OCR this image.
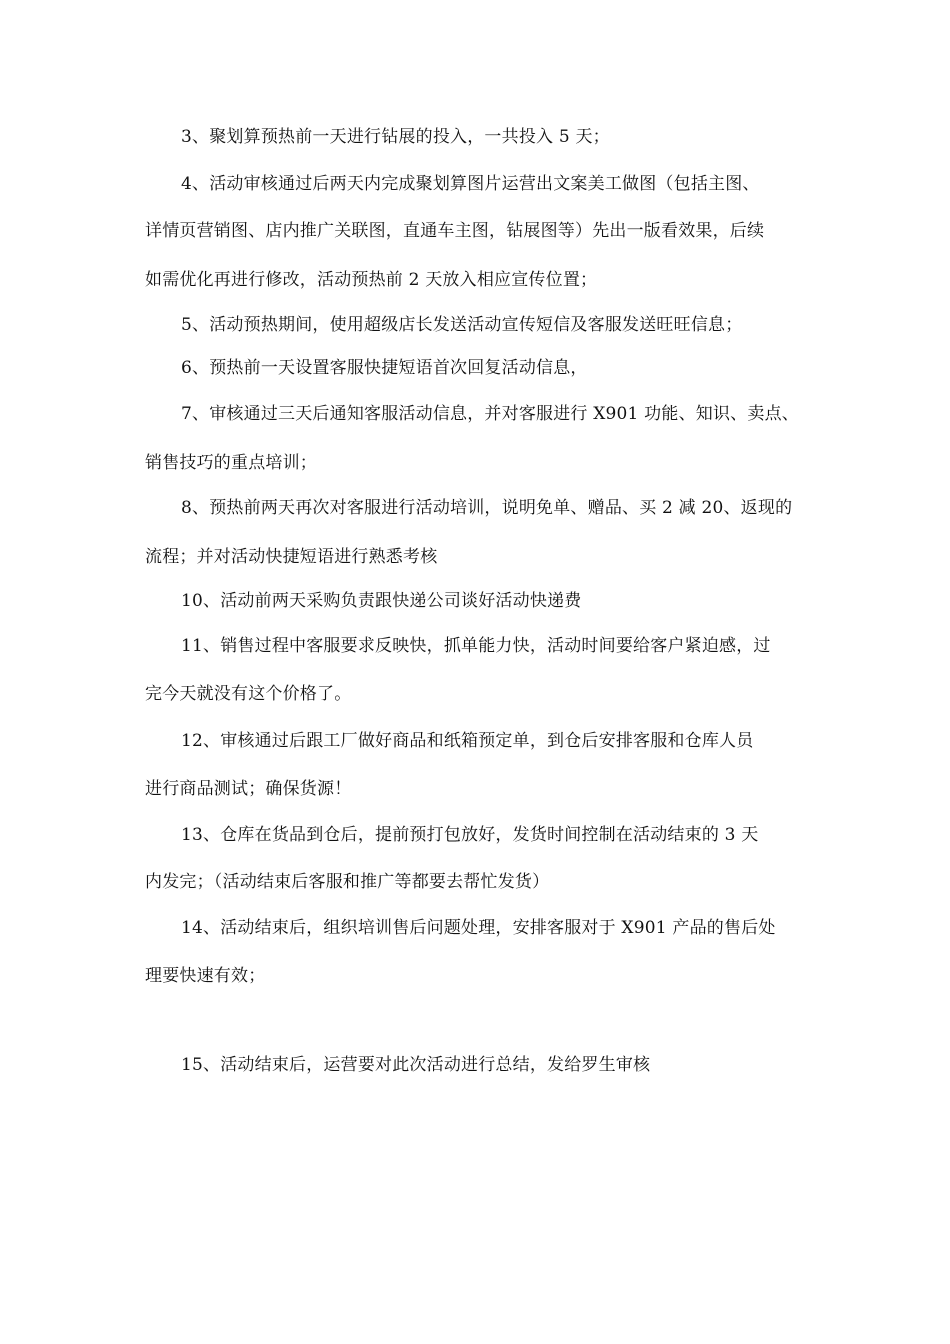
3、聚划算预热前一天进行钻展的投入，一共投入 5 天；
4、活动审核通过后两天内完成聚划算图片运营出文案美工做图（包括主图、
详情页营销图、店内推广关联图，直通车主图，钻展图等）先出一版看效果，后续
如需优化再进行修改，活动预热前 2 天放入相应宣传位置；
5、活动预热期间，使用超级店长发送活动宣传短信及客服发送旺旺信息；
6、预热前一天设置客服快捷短语首次回复活动信息，
7、审核通过三天后通知客服活动信息，并对客服进行 X901 功能、知识、卖点、
销售技巧的重点培训；
8、预热前两天再次对客服进行活动培训，说明免单、赠品、买 2 减 20、返现的
流程；并对活动快捷短语进行熟悉考核
10、活动前两天采购负责跟快递公司谈好活动快递费
11、销售过程中客服要求反映快，抓单能力快，活动时间要给客户紧迫感，过
完今天就没有这个价格了。
12、审核通过后跟工厂做好商品和纸箱预定单，到仓后安排客服和仓库人员
进行商品测试；确保货源！
13、仓库在货品到仓后，提前预打包放好，发货时间控制在活动结束的 3 天
内发完；（活动结束后客服和推广等都要去帮忙发货）
14、活动结束后，组织培训售后问题处理，安排客服对于 X901 产品的售后处
理要快速有效；
15、活动结束后，运营要对此次活动进行总结，发给罗生审核
